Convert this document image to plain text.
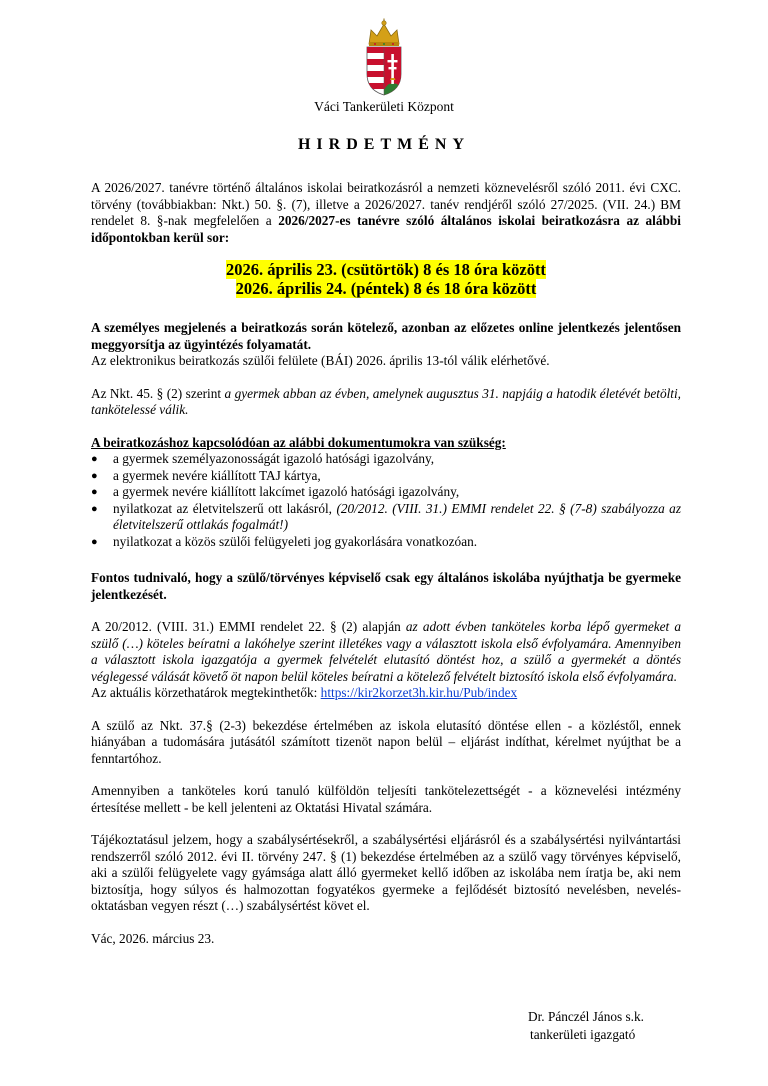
Váci Tankerületi Központ
HIRDETMÉNY

A 2026/2027. tanévre történő általános iskolai beiratkozásról a nemzeti köznevelésről szóló 2011. évi CXC. törvény (továbbiakban: Nkt.) 50. §. (7), illetve a 2026/2027. tanév rendjéről szóló 27/2025. (VII. 24.) BM rendelet 8. §-nak megfelelően a 2026/2027-es tanévre szóló általános iskolai beiratkozásra az alábbi időpontokban kerül sor:

2026. április 23. (csütörtök) 8 és 18 óra között
2026. április 24. (péntek) 8 és 18 óra között

A személyes megjelenés a beiratkozás során kötelező, azonban az előzetes online jelentkezés jelentősen meggyorsítja az ügyintézés folyamatát.

Az elektronikus beiratkozás szülői felülete (BÁI) 2026. április 13-tól válik elérhetővé.

Az Nkt. 45. § (2) szerint a gyermek abban az évben, amelynek augusztus 31. napjáig a hatodik életévét betölti, tankötelessé válik.

A beiratkozáshoz kapcsolódóan az alábbi dokumentumokra van szükség:

● a gyermek személyazonosságát igazoló hatósági igazolvány,
● a gyermek nevére kiállított TAJ kártya,
● a gyermek nevére kiállított lakcímet igazoló hatósági igazolvány,
● nyilatkozat az életvitelszerű ott lakásról, (20/2012. (VIII. 31.) EMMI rendelet 22. § (7-8) szabályozza az életvitelszerű ottlakás fogalmát!)
● nyilatkozat a közös szülői felügyeleti jog gyakorlására vonatkozóan.

Fontos tudnivaló, hogy a szülő/törvényes képviselő csak egy általános iskolába nyújthatja be gyermeke jelentkezését.

A 20/2012. (VIII. 31.) EMMI rendelet 22. § (2) alapján az adott évben tanköteles korba lépő gyermeket a szülő (…) köteles beíratni a lakóhelye szerint illetékes vagy a választott iskola első évfolyamára. Amennyiben a választott iskola igazgatója a gyermek felvételét elutasító döntést hoz, a szülő a gyermekét a döntés véglegessé válását követő öt napon belül köteles beíratni a kötelező felvételt biztosító iskola első évfolyamára.

Az aktuális körzethatárok megtekinthetők: https://kir2korzet3h.kir.hu/Pub/index

A szülő az Nkt. 37.§ (2-3) bekezdése értelmében az iskola elutasító döntése ellen - a közléstől, ennek hiányában a tudomására jutásától számított tizenöt napon belül – eljárást indíthat, kérelmet nyújthat be a fenntartóhoz.

Amennyiben a tanköteles korú tanuló külföldön teljesíti tankötelezettségét - a köznevelési intézmény értesítése mellett - be kell jelenteni az Oktatási Hivatal számára.

Tájékoztatásul jelzem, hogy a szabálysértésekről, a szabálysértési eljárásról és a szabálysértési nyilvántartási rendszerről szóló 2012. évi II. törvény 247. § (1) bekezdése értelmében az a szülő vagy törvényes képviselő, aki a szülői felügyelete vagy gyámsága alatt álló gyermeket kellő időben az iskolába nem íratja be, aki nem biztosítja, hogy súlyos és halmozottan fogyatékos gyermeke a fejlődését biztosító nevelésben, nevelés-oktatásban vegyen részt (…) szabálysértést követ el.

Vác, 2026. március 23.

Dr. Pánczél János s.k.
tankerületi igazgató
